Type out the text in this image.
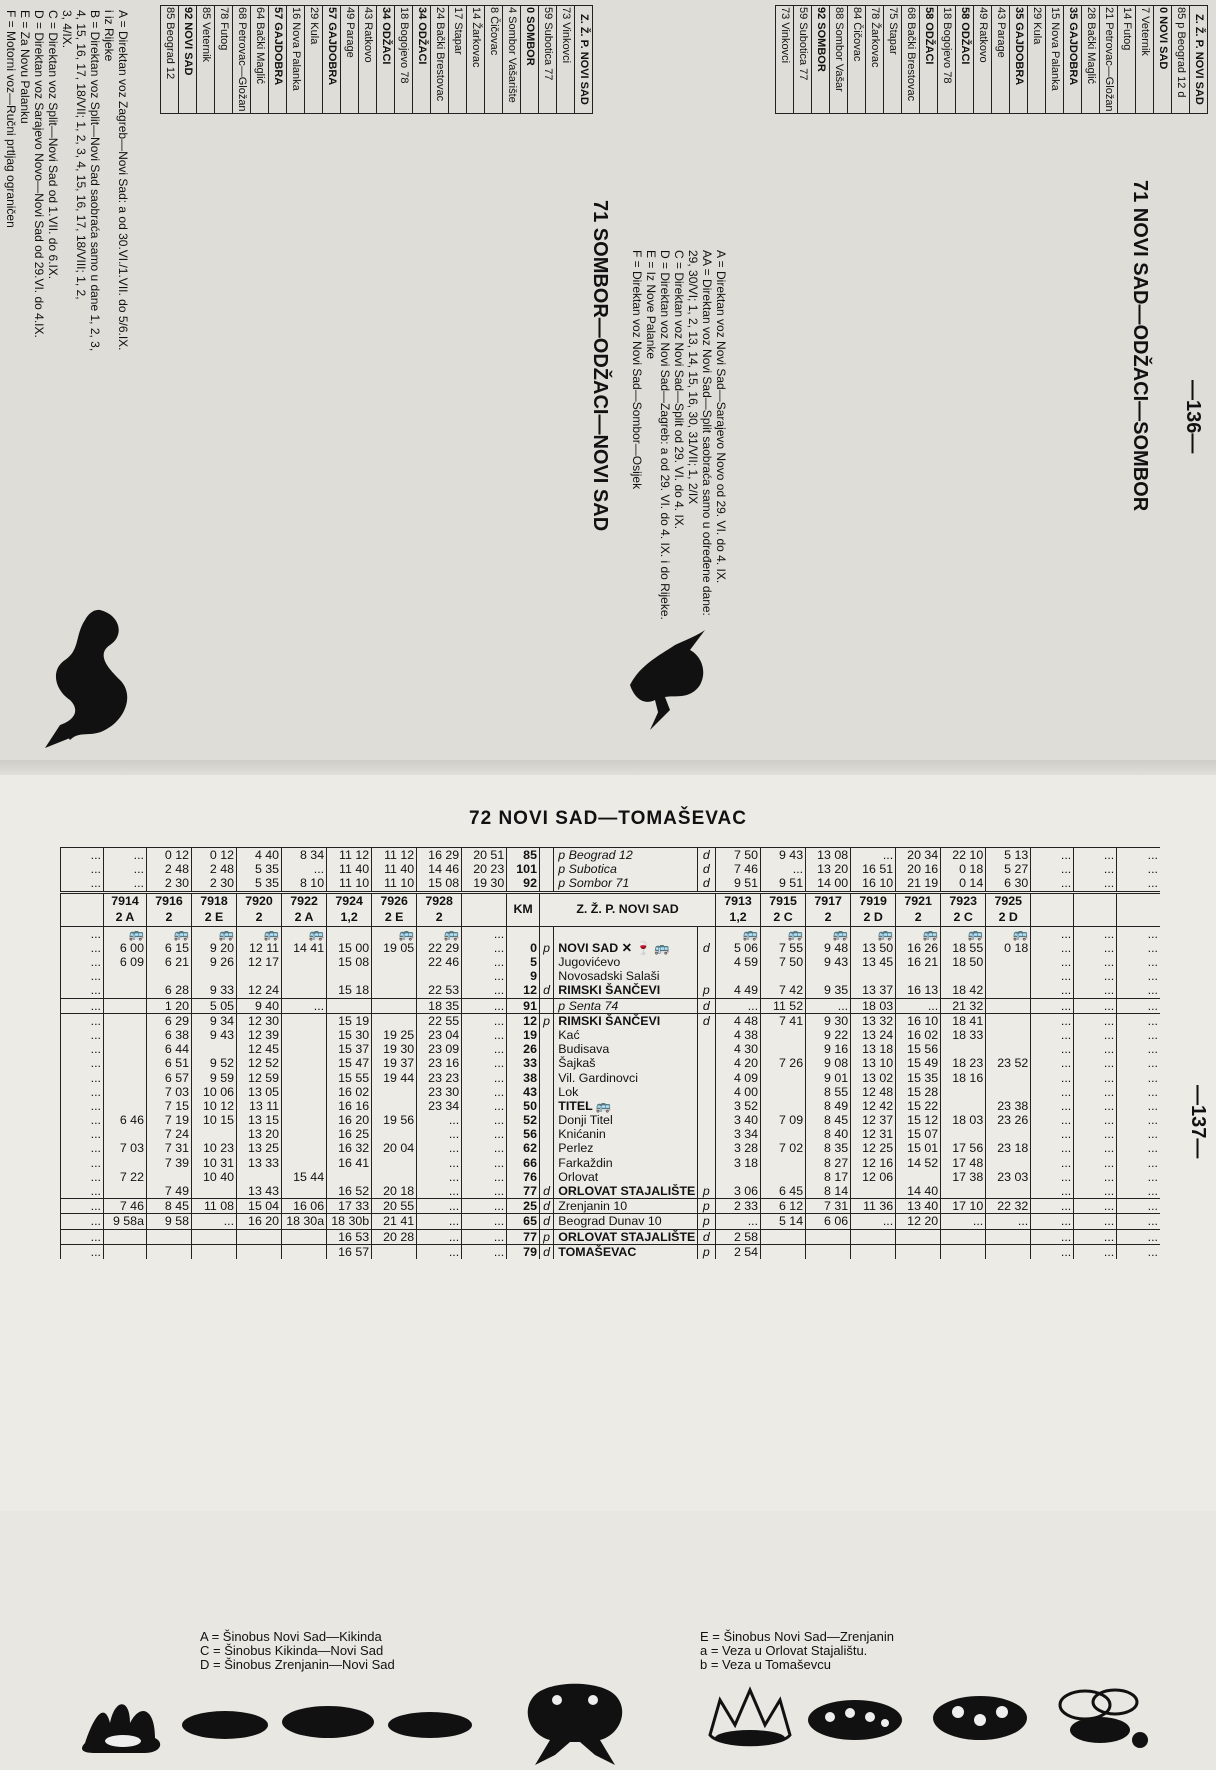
—136—
71 NOVI SAD—ODŽACI—SOMBOR
Z. Ž. P. NOVI SAD
85 p Beograd 12 d
0 NOVI SAD
7 Veternik
14 Futog
21 Petrovac—Gložan
28 Bački Maglić
35 GAJDOBRA
15 Nova Palanka
29 Kula
35 GAJDOBRA
43 Parage
49 Ratkovo
58 ODŽACI
18 Bogojevo 78
58 ODŽACI
68 Bački Brestovac
75 Stapar
78 Žarkovac
84 Čičovac
88 Sombor Vašar
92 SOMBOR
59 Subotica 77
73 Vinkovci
A = Direktan voz Novi Sad—Sarajevo Novo od 29. VI. do 4. IX.
AA = Direktan voz Novi Sad—Split saobraća samo u određene dane:
29, 30/VI; 1, 2, 13, 14, 15, 16, 30, 31/VII; 1, 2/IX
C = Direktan voz Novi Sad—Split od 29. VI. do 4. IX.
D = Direktan voz Novi Sad—Zagreb: a od 29. VI. do 4. IX. i do Rijeke.
E = Iz Nove Palanke
F = Direktan voz Novi Sad—Sombor—Osijek
71 SOMBOR—ODŽACI—NOVI SAD
Z. Ž. P. NOVI SAD
73 Vinkovci
59 Subotica 77
0 SOMBOR
4 Sombor Vašarište
8 Čičovac
14 Žarkovac
17 Stapar
24 Bački Brestovac
34 ODŽACI
18 Bogojevo 78
34 ODŽACI
43 Ratkovo
49 Parage
57 GAJDOBRA
29 Kula
16 Nova Palanka
57 GAJDOBRA
64 Bački Maglić
68 Petrovac—Gložan
78 Futog
85 Veternik
92 NOVI SAD
85 Beograd 12
A = Direktan voz Zagreb—Novi Sad: a od 30.VI./1.VII. do 5/6.IX.
i iz Rijeke
B = Direktan voz Split—Novi Sad saobraća samo u dane 1, 2, 3,
4, 15, 16, 17, 18/VII; 1, 2, 3, 4, 15, 16, 17, 18/VIII; 1, 2,
3, 4/IX.
C = Direktan voz Split—Novi Sad od 1.VII. do 6.IX.
D = Direktan voz Sarajevo Novo—Novi Sad od 29.VI. do 4.IX.
E = Za Novu Palanku
F = Motorni voz—Ručni prtljag ograničen
72 NOVI SAD—TOMAŠEVAC
—137—
...	...	0 12	0 12	4 40	8 34	11 12	11 12	16 29	20 51	85		p Beograd 12	d	7 50	9 43	13 08	...	20 34	22 10	5 13	...	...	...
...	...	2 48	2 48	5 35	...	11 40	11 40	14 46	20 23	101		p Subotica	d	7 46	...	13 20	16 51	20 16	0 18	5 27	...	...	...
...	...	2 30	2 30	5 35	8 10	11 10	11 10	15 08	19 30	92		p Sombor 71	d	9 51	9 51	14 00	16 10	21 19	0 14	6 30	...	...	...
	7914	7916	7918	7920	7922	7924	7926	7928		KM	Z. Ž. P. NOVI SAD			7913	7915	7917	7919	7921	7923	7925			
	2 A	2	2 E	2	2 A	1,2	2 E	2						1,2	2 C	2	2 D	2	2 C	2 D			
...	🚌	🚌	🚌	🚌	🚌		🚌	🚌	...					🚌	🚌	🚌	🚌	🚌	🚌	🚌	...	...	...
...	6 00	6 15	9 20	12 11	14 41	15 00	19 05	22 29	...	0	p	NOVI SAD ✕ 🍷 🚌	d	5 06	7 55	9 48	13 50	16 26	18 55	0 18	...	...	...
...	6 09	6 21	9 26	12 17		15 08		22 46	...	5		Jugovićevo		4 59	7 50	9 43	13 45	16 21	18 50		...	...	...
...									...	9		Novosadski Salaši									...	...	...
...		6 28	9 33	12 24		15 18		22 53	...	12	d	RIMSKI ŠANČEVI	p	4 49	7 42	9 35	13 37	16 13	18 42		...	...	...
...		1 20	5 05	9 40	...			18 35	...	91		p Senta 74	d	...	11 52	...	18 03	...	21 32		...	...	...
...		6 29	9 34	12 30		15 19		22 55	...	12	p	RIMSKI ŠANČEVI	d	4 48	7 41	9 30	13 32	16 10	18 41		...	...	...
...		6 38	9 43	12 39		15 30	19 25	23 04	...	19		Kać		4 38		9 22	13 24	16 02	18 33		...	...	...
...		6 44		12 45		15 37	19 30	23 09	...	26		Budisava		4 30		9 16	13 18	15 56			...	...	...
...		6 51	9 52	12 52		15 47	19 37	23 16	...	33		Šajkaš		4 20	7 26	9 08	13 10	15 49	18 23	23 52	...	...	...
...		6 57	9 59	12 59		15 55	19 44	23 23	...	38		Vil. Gardinovci		4 09		9 01	13 02	15 35	18 16		...	...	...
...		7 03	10 06	13 05		16 02		23 30	...	43		Lok		4 00		8 55	12 48	15 28			...	...	...
...		7 15	10 12	13 11		16 16		23 34	...	50		TITEL 🚌		3 52		8 49	12 42	15 22		23 38	...	...	...
...	6 46	7 19	10 15	13 15		16 20	19 56	...	...	52		Donji Titel		3 40	7 09	8 45	12 37	15 12	18 03	23 26	...	...	...
...		7 24		13 20		16 25		...	...	56		Knićanin		3 34		8 40	12 31	15 07			...	...	...
...	7 03	7 31	10 23	13 25		16 32	20 04	...	...	62		Perlez		3 28	7 02	8 35	12 25	15 01	17 56	23 18	...	...	...
...		7 39	10 31	13 33		16 41		...	...	66		Farkaždin		3 18		8 27	12 16	14 52	17 48		...	...	...
...	7 22		10 40		15 44			...	...	76		Orlovat				8 17	12 06		17 38	23 03	...	...	...
...		7 49		13 43		16 52	20 18	...	...	77	d	ORLOVAT STAJALIŠTE	p	3 06	6 45	8 14		14 40			...	...	...
...	7 46	8 45	11 08	15 04	16 06	17 33	20 55	...	...	25	d	Zrenjanin 10	p	2 33	6 12	7 31	11 36	13 40	17 10	22 32	...	...	...
...	9 58a	9 58	...	16 20	18 30a	18 30b	21 41	...	...	65	d	Beograd Dunav 10	p	...	5 14	6 06	...	12 20	...	...	...	...	...
...						16 53	20 28	...	...	77	p	ORLOVAT STAJALIŠTE	d	2 58							...	...	...
...						16 57		...	...	79	d	TOMAŠEVAC	p	2 54							...	...	...
A = Šinobus Novi Sad—Kikinda
C = Šinobus Kikinda—Novi Sad
D = Šinobus Zrenjanin—Novi Sad
E = Šinobus Novi Sad—Zrenjanin
a = Veza u Orlovat Stajalištu.
b = Veza u Tomaševcu
